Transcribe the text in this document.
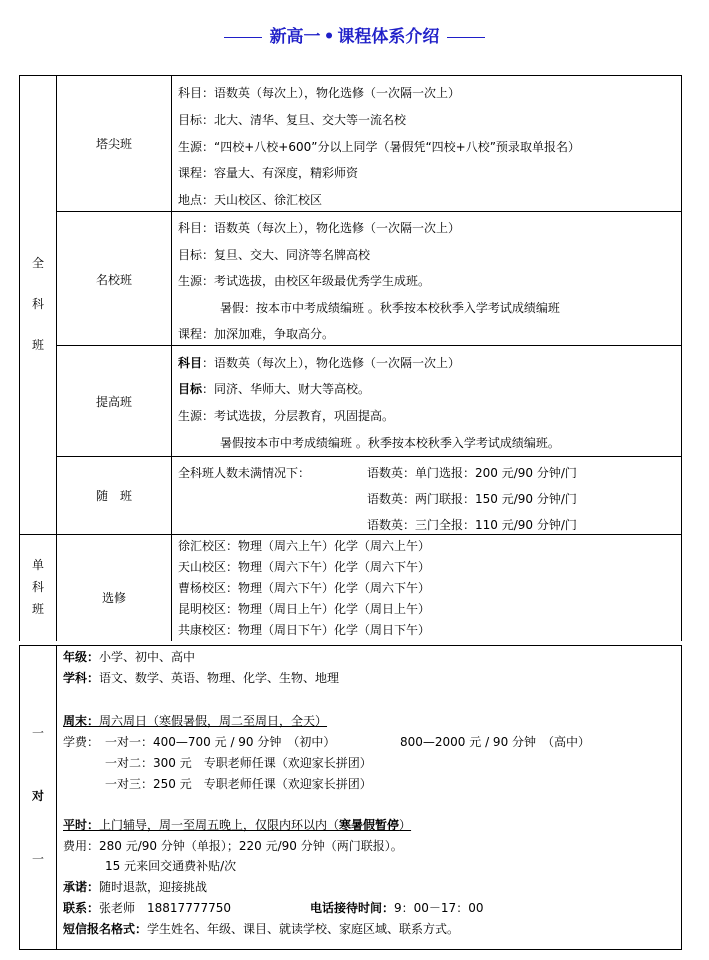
新高一 • 课程体系介绍
全
科
班
塔尖班
科目：语数英（每次上），物化选修（一次隔一次上）
目标：北大、清华、复旦、交大等一流名校
生源：“四校+八校+600”分以上同学（暑假凭“四校+八校”预录取单报名）
课程：容量大、有深度，精彩师资
地点：天山校区、徐汇校区
名校班
科目：语数英（每次上），物化选修（一次隔一次上）
目标：复旦、交大、同济等名牌高校
生源：考试选拔，由校区年级最优秀学生成班。
暑假：按本市中考成绩编班 。秋季按本校秋季入学考试成绩编班
课程：加深加难，争取高分。
提高班
科目：语数英（每次上），物化选修（一次隔一次上）
目标：同济、华师大、财大等高校。
生源：考试选拔，分层教育，巩固提高。
暑假按本市中考成绩编班 。秋季按本校秋季入学考试成绩编班。
随　班
全科班人数未满情况下：	语数英：单门选报：200 元/90 分钟/门
语数英：两门联报：150 元/90 分钟/门
语数英：三门全报：110 元/90 分钟/门
单
科
班
选修
徐汇校区：物理（周六上午）化学（周六上午）
天山校区：物理（周六下午）化学（周六下午）
曹杨校区：物理（周六下午）化学（周六下午）
昆明校区：物理（周日上午）化学（周日上午）
共康校区：物理（周日下午）化学（周日下午）
一
对
一
年级：小学、初中、高中
学科：语文、数学、英语、物理、化学、生物、地理
周末：周六周日（寒假暑假，周二至周日，全天）
学费： 一对一：400—700 元 / 90 分钟　（初中）	800—2000 元 / 90 分钟　（高中）
一对二：300 元　专职老师任课（欢迎家长拼团）
一对三：250 元　专职老师任课（欢迎家长拼团）
平时：上门辅导，周一至周五晚上，仅限内环以内（寒暑假暂停）
费用：280 元/90 分钟（单报）；220 元/90 分钟（两门联报）。
15 元来回交通费补贴/次
承诺：随时退款，迎接挑战
联系：张老师　18817777750	电话接待时间：9：00－17：00
短信报名格式：学生姓名、年级、课目、就读学校、家庭区域、联系方式。
